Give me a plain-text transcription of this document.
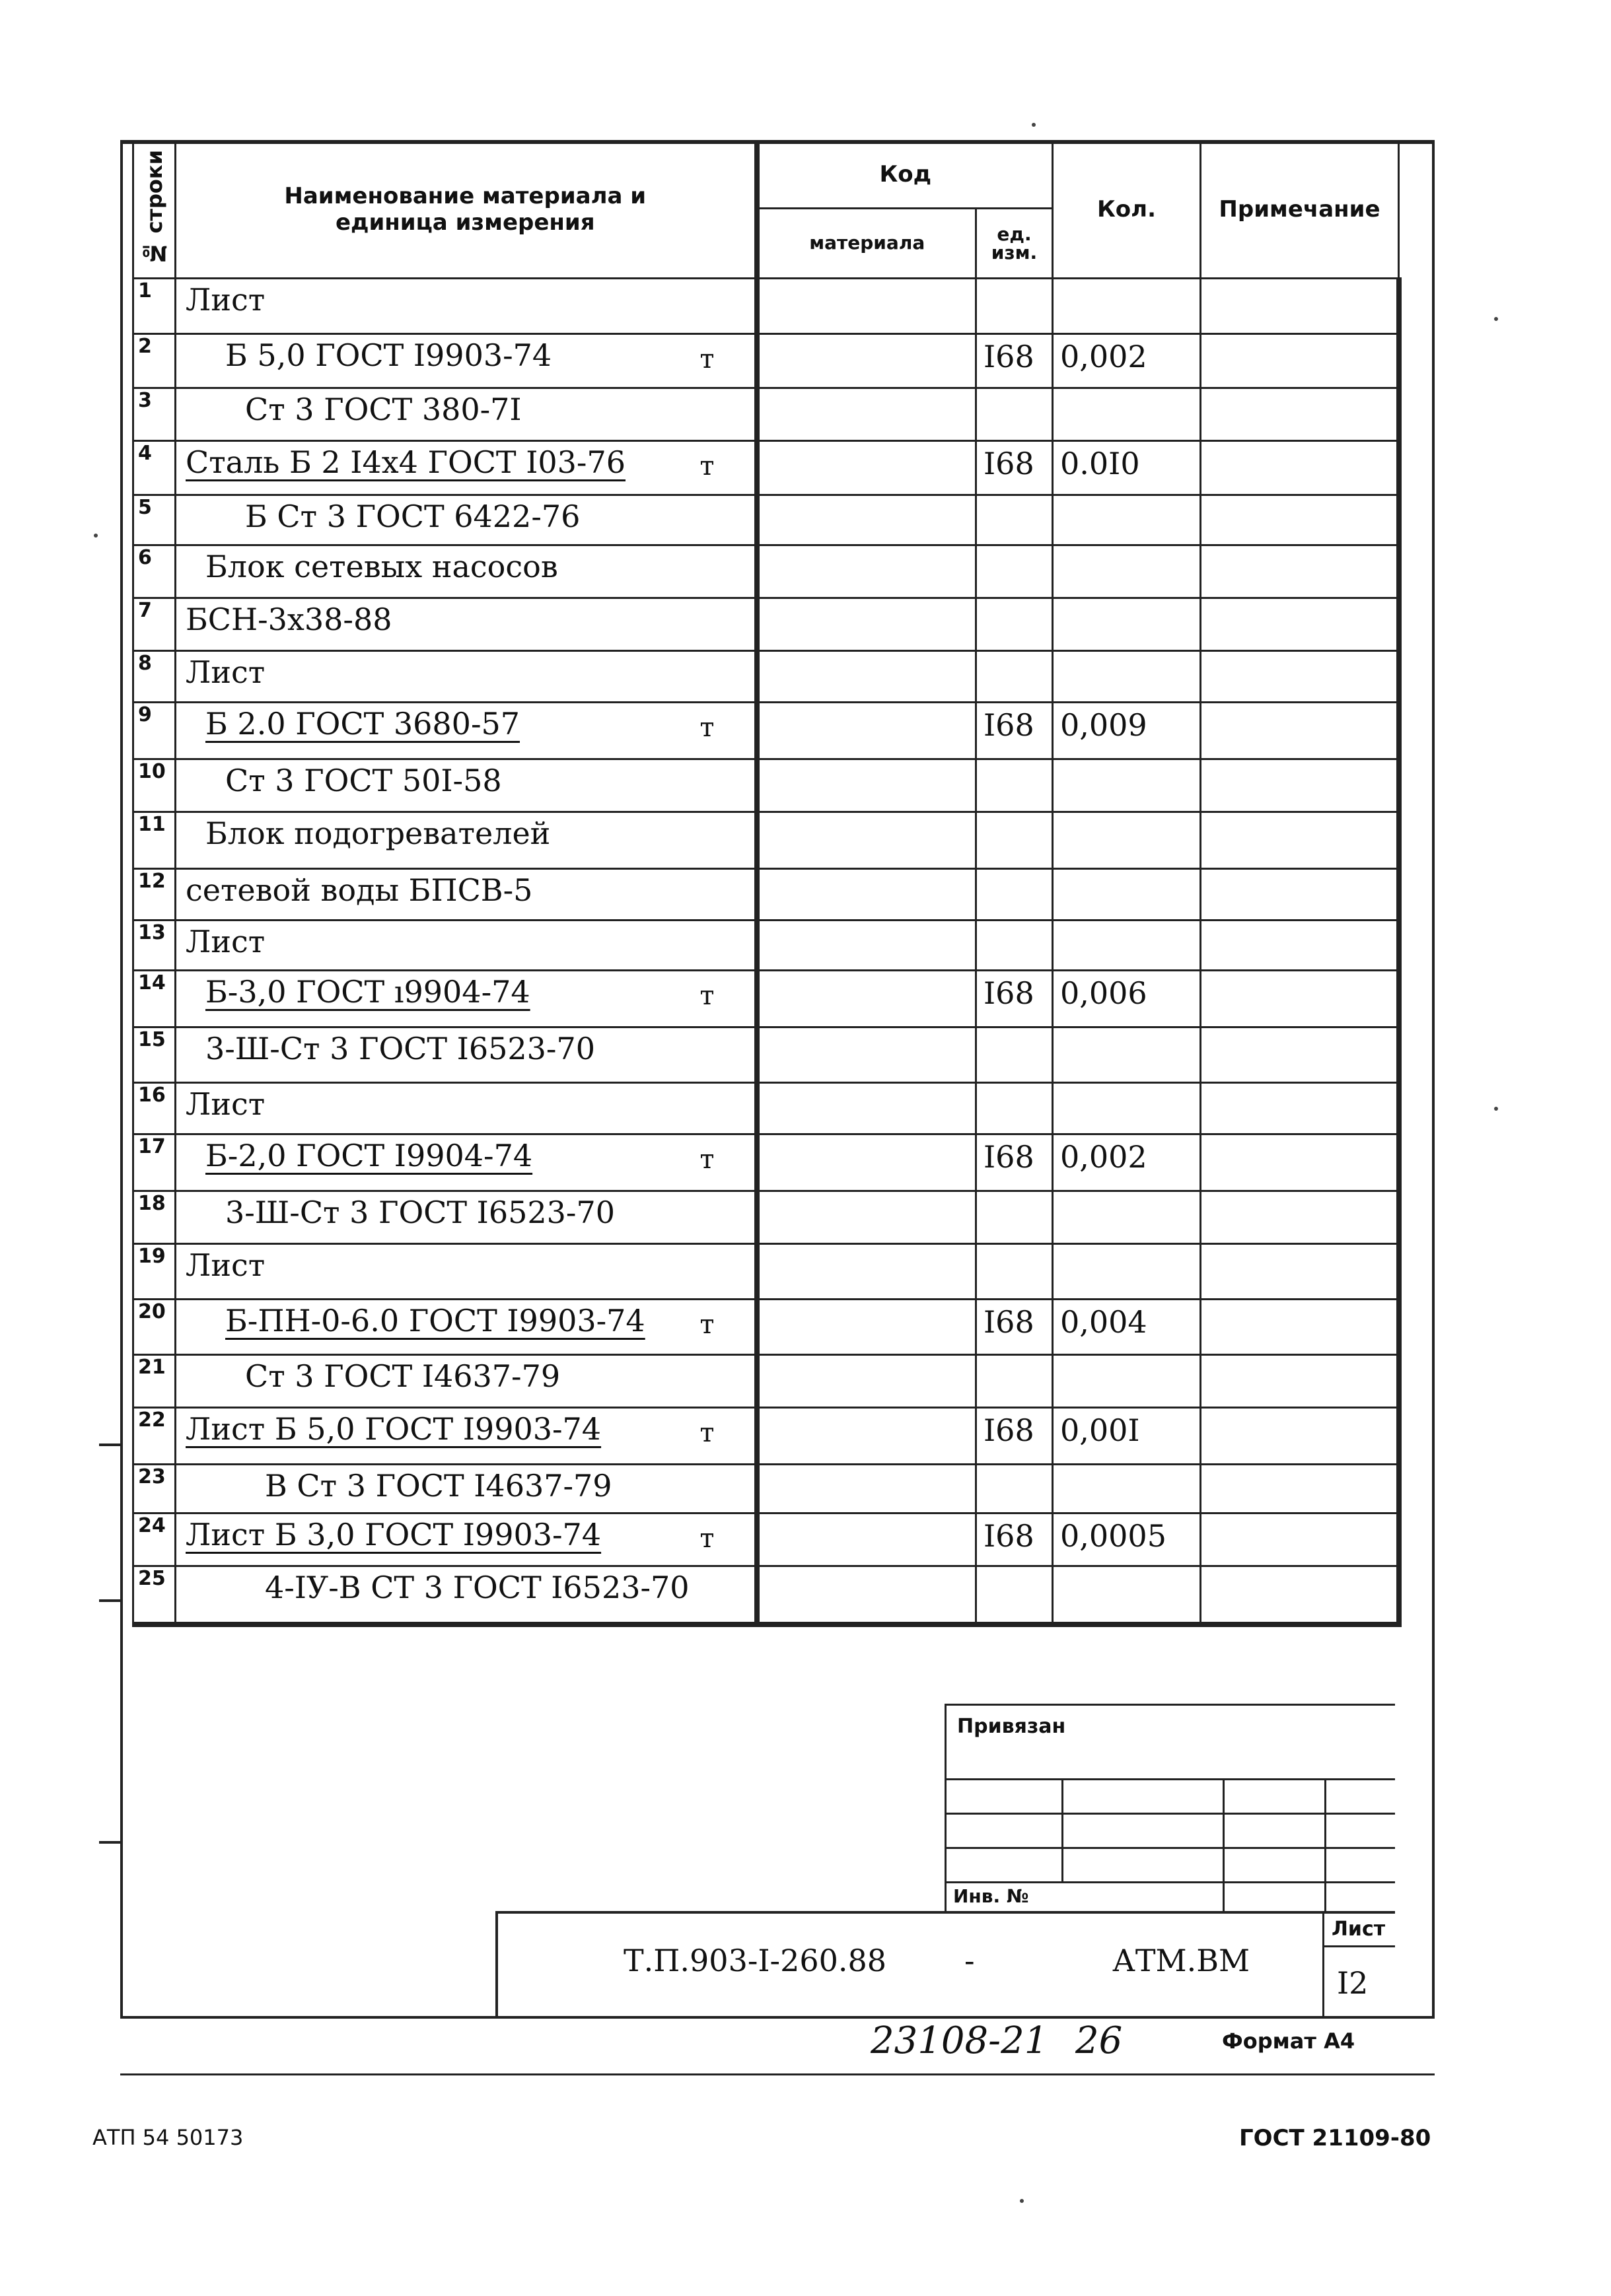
№ строки	Наименование материала и
единица измерения	Код		Кол.	Примечание
		материала	ед.
изм.		
1	Лист				

2	Б 5,0 ГОСТ I9903-74 т		I68	0,002	
3	Ст 3 ГОСТ 380-7I				

4	Сталь Б 2 I4х4 ГОСТ I03-76 т		I68	0.0I0	
5	Б Ст 3 ГОСТ 6422-76				

6	Блок сетевых насосов				

7	БСН-3х38-88				

8	Лист				

9	Б 2.0 ГОСТ 3680-57 т		I68	0,009	
10	Ст 3 ГОСТ 50I-58				

11	Блок подогревателей				

12	сетевой воды БПСВ-5				

13	Лист				

14	Б-3,0 ГОСТ ı9904-74 т		I68	0,006	
15	3-Ш-Ст 3 ГОСТ I6523-70				

16	Лист				

17	Б-2,0 ГОСТ I9904-74 т		I68	0,002	
18	3-Ш-Ст 3 ГОСТ I6523-70				

19	Лист				

20	Б-ПН-0-6.0 ГОСТ I9903-74 т		I68	0,004	
21	Ст 3 ГОСТ I4637-79				

22	Лист Б 5,0 ГОСТ I9903-74 т		I68	0,00I	
23	В Ст 3 ГОСТ I4637-79				

24	Лист Б 3,0 ГОСТ I9903-74 т		I68	0,0005	
25	4-IУ-В СТ 3 ГОСТ I6523-70				

Привязан
Инв. №
Т.П.903-I-260.88	-	АТМ.ВМ
Лист
I2
23108-21 26	Формат А4
АТП 54 50173	ГОСТ 21109-80
